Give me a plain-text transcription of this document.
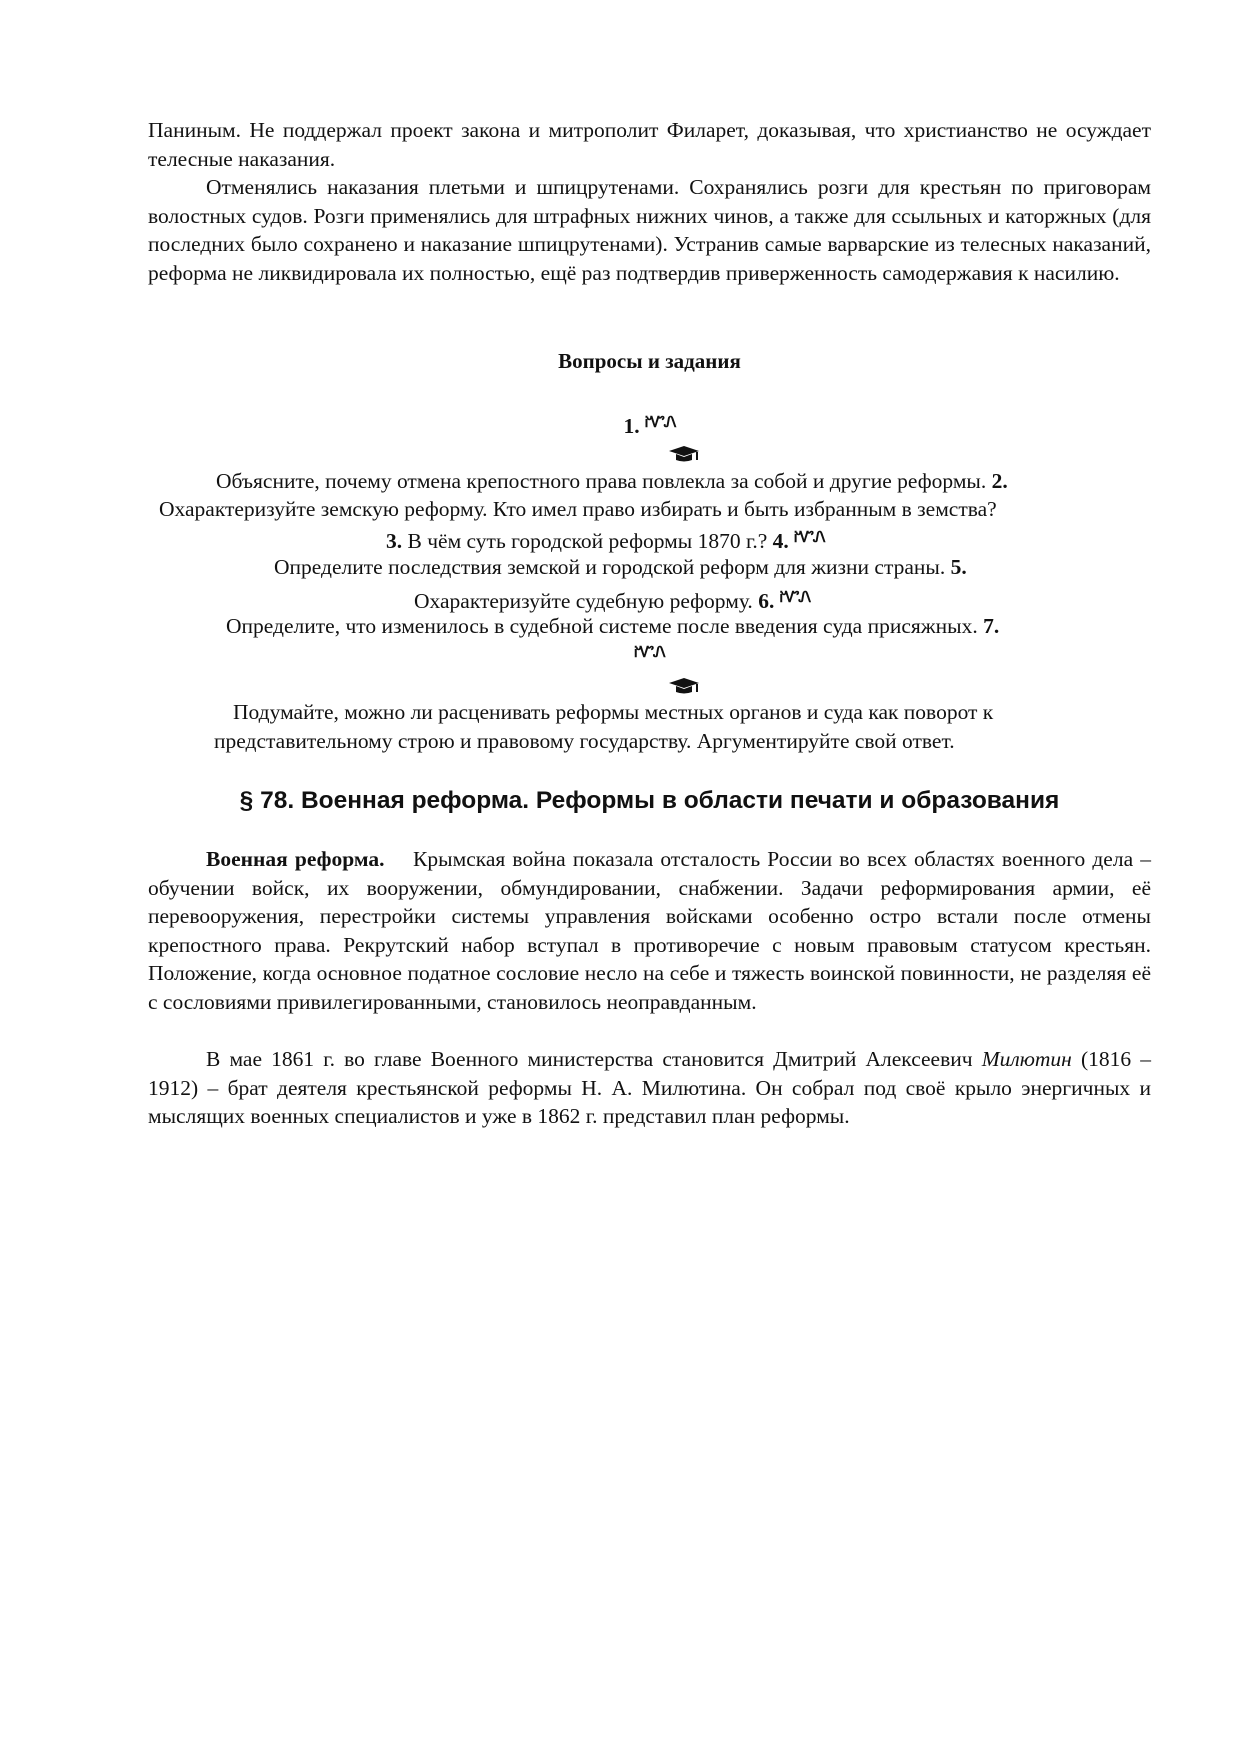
Паниным. Не поддержал проект закона и митрополит Филарет, доказывая, что христианство не осуждает телесные наказания.
Отменялись наказания плетьми и шпицрутенами. Сохранялись розги для крестьян по приговорам волостных судов. Розги применялись для штрафных нижних чинов, а также для ссыльных и каторжных (для последних было сохранено и наказание шпицрутенами). Устранив самые варварские из телесных наказаний, реформа не ликвидировала их полностью, ещё раз подтвердив приверженность самодержавия к насилию.
Вопросы и задания
1. ᎥᏉᏁ
Объясните, почему отмена крепостного права повлекла за собой и другие реформы. 2.
Охарактеризуйте земскую реформу. Кто имел право избирать и быть избранным в земства?
3. В чём суть городской реформы 1870 г.? 4. ᎥᏉᏁ
Определите последствия земской и городской реформ для жизни страны. 5.
Охарактеризуйте судебную реформу. 6. ᎥᏉᏁ
Определите, что изменилось в судебной системе после введения суда присяжных. 7.
ᎥᏉᏁ
Подумайте, можно ли расценивать реформы местных органов и суда как поворот к
представительному строю и правовому государству. Аргументируйте свой ответ.
§ 78. Военная реформа. Реформы в области печати и образования
Военная реформа. Крымская война показала отсталость России во всех областях военного дела – обучении войск, их вооружении, обмундировании, снабжении. Задачи реформирования армии, её перевооружения, перестройки системы управления войсками особенно остро встали после отмены крепостного права. Рекрутский набор вступал в противоречие с новым правовым статусом крестьян. Положение, когда основное податное сословие несло на себе и тяжесть воинской повинности, не разделяя её с сословиями привилегированными, становилось неоправданным.
В мае 1861 г. во главе Военного министерства становится Дмитрий Алексеевич Милютин (1816 – 1912) – брат деятеля крестьянской реформы Н. А. Милютина. Он собрал под своё крыло энергичных и мыслящих военных специалистов и уже в 1862 г. представил план реформы.
